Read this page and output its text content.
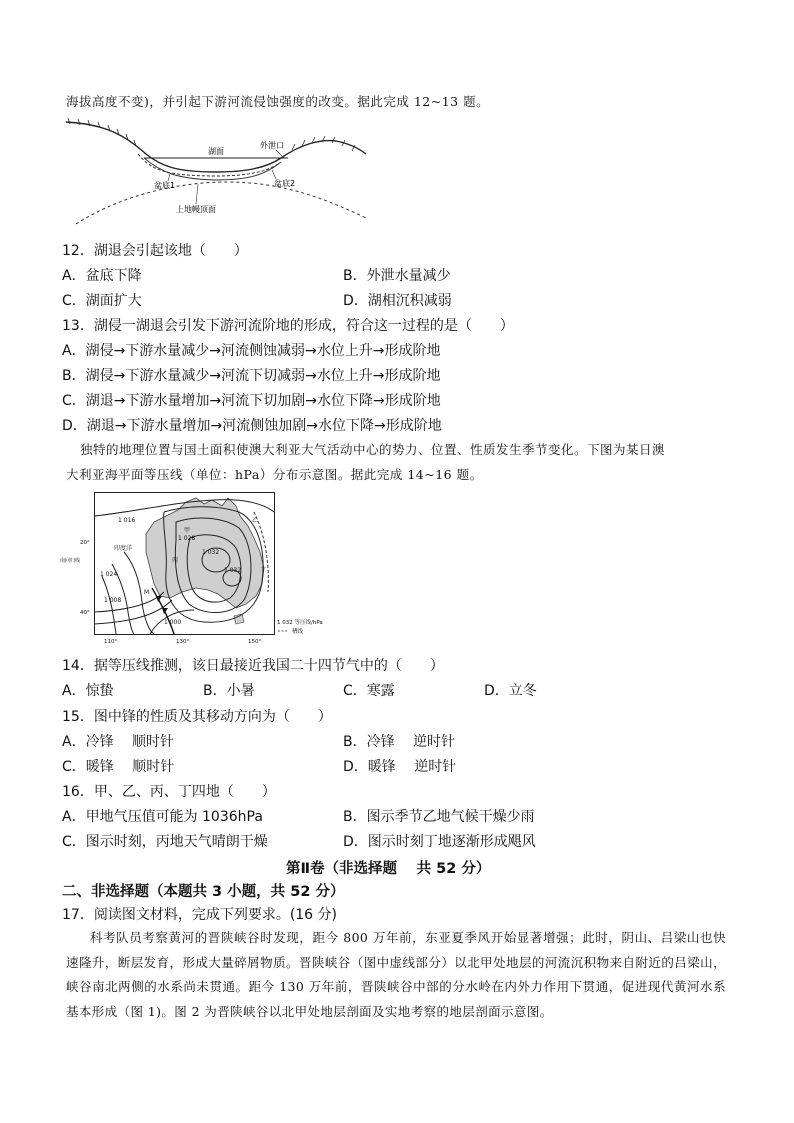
海拔高度不变)，并引起下游河流侵蚀强度的改变。据此完成 12~13 题。
湖面
外泄口
盆底1	盆底2
上地幔顶面
12．湖退会引起该地（　　）
A．盆底下降	B．外泄水量减少
C．湖面扩大	D．湖相沉积减弱
13．湖侵一湖退会引发下游河流阶地的形成，符合这一过程的是（　　）
A．湖侵→下游水量减少→河流侧蚀减弱→水位上升→形成阶地
B．湖侵→下游水量减少→河流下切减弱→水位上升→形成阶地
C．湖退→下游水量增加→河流下切加剧→水位下降→形成阶地
D．湖退→下游水量增加→河流侧蚀加剧→水位下降→形成阶地
独特的地理位置与国土面积使澳大利亚大气活动中心的势力、位置、性质发生季节变化。下图为某日澳
大利亚海平面等压线（单位：hPa）分布示意图。据此完成 14~16 题。
1 016
20°
南回归线
印度洋
1 024
40°
1 028
甲
乙
丙
丁
1 032
1 032
M
1 000
1 008
110°	130°	150°
1 032 等压线/hPa
槽线
14．据等压线推测，该日最接近我国二十四节气中的（　　）
A．惊蛰	B．小暑	C．寒露	D．立冬
15．图中锋的性质及其移动方向为（　　）
A．冷锋　 顺时针	B．冷锋　 逆时针
C．暖锋　 顺时针	D．暖锋　 逆时针
16．甲、乙、丙、丁四地（　　）
A．甲地气压值可能为 1036hPa	B．图示季节乙地气候干燥少雨
C．图示时刻，丙地天气晴朗干燥	D．图示时刻丁地逐渐形成飓风
第Ⅱ卷（非选择题　 共 52 分）
二、非选择题（本题共 3 小题，共 52 分）
17．阅读图文材料，完成下列要求。(16 分)
科考队员考察黄河的晋陕峡谷时发现，距今 800 万年前，东亚夏季风开始显著增强；此时，阴山、吕梁山也快速隆升，断层发育，形成大量碎屑物质。晋陕峡谷（图中虚线部分）以北甲处地层的河流沉积物来自附近的吕梁山，峡谷南北两侧的水系尚未贯通。距今 130 万年前，晋陕峡谷中部的分水岭在内外力作用下贯通，促进现代黄河水系基本形成（图 1)。图 2 为晋陕峡谷以北甲处地层剖面及实地考察的地层剖面示意图。
